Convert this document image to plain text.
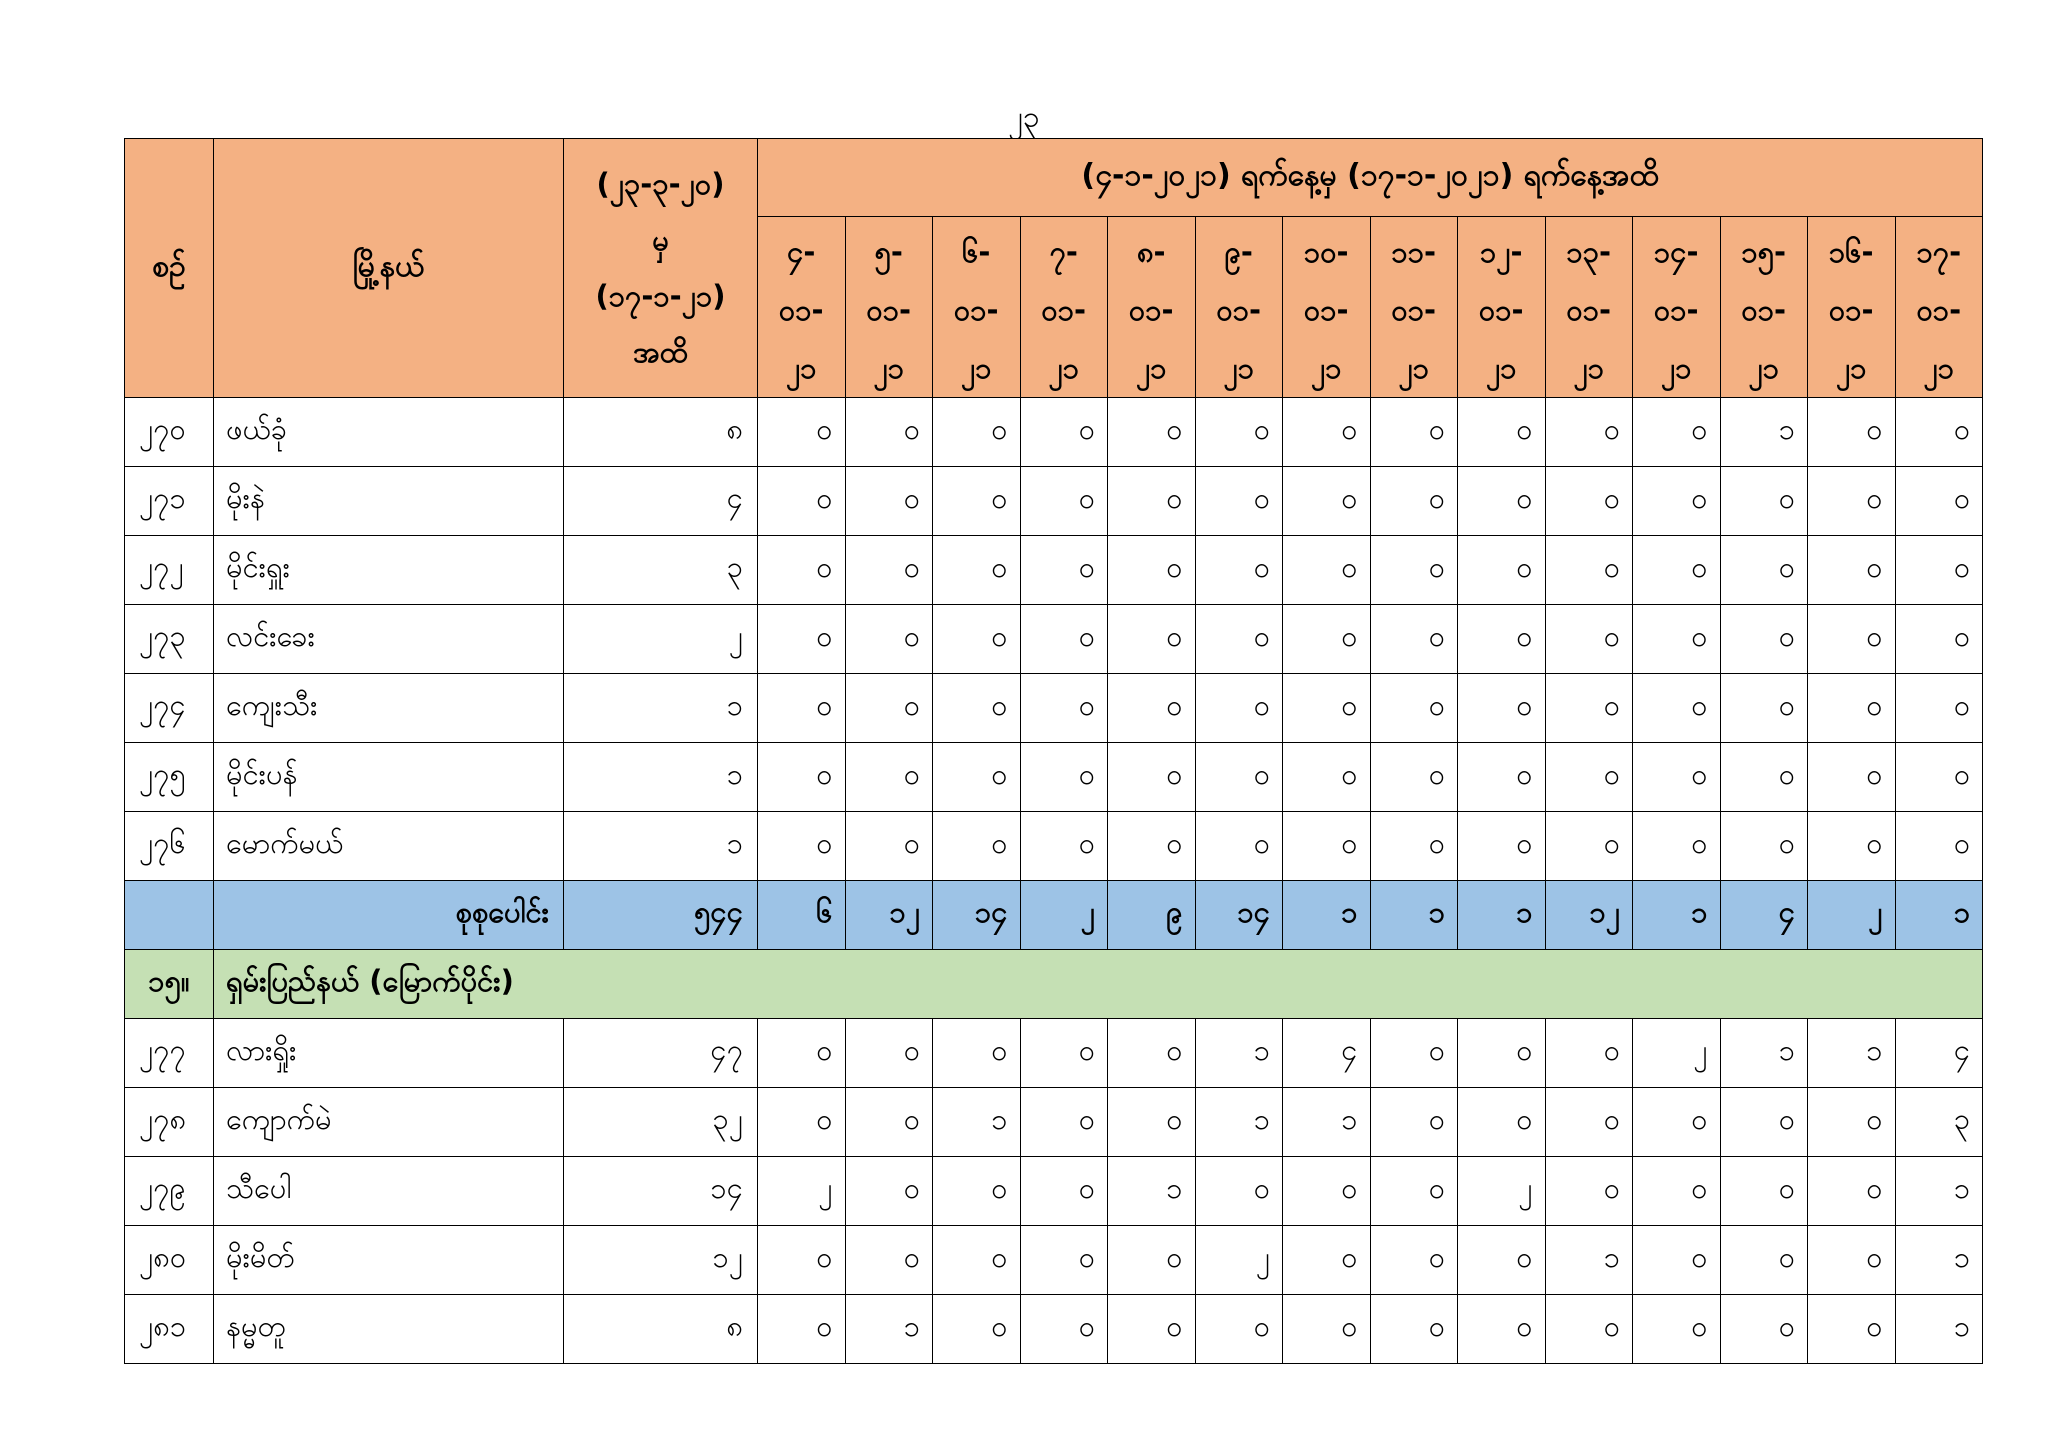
၂၃
စဉ်	မြို့နယ်	(၂၃-၃-၂၀)
မှ
(၁၇-၁-၂၁)
အထိ	(၄-၁-၂၀၂၁) ရက်နေ့မှ (၁၇-၁-၂၀၂၁) ရက်နေ့အထိ													

			၄-
၀၁-
၂၁	၅-
၀၁-
၂၁	၆-
၀၁-
၂၁	၇-
၀၁-
၂၁	၈-
၀၁-
၂၁	၉-
၀၁-
၂၁	၁၀-
၀၁-
၂၁	၁၁-
၀၁-
၂၁	၁၂-
၀၁-
၂၁	၁၃-
၀၁-
၂၁	၁၄-
၀၁-
၂၁	၁၅-
၀၁-
၂၁	၁၆-
၀၁-
၂၁	၁၇-
၀၁-
၂၁

၂၇၀	ဖယ်ခုံ	၈	၀	၀	၀	၀	၀	၀	၀	၀	၀	၀	၀	၁	၀	၀
၂၇၁	မိုးနဲ	၄	၀	၀	၀	၀	၀	၀	၀	၀	၀	၀	၀	၀	၀	၀
၂၇၂	မိုင်းရှူး	၃	၀	၀	၀	၀	၀	၀	၀	၀	၀	၀	၀	၀	၀	၀
၂၇၃	လင်းခေး	၂	၀	၀	၀	၀	၀	၀	၀	၀	၀	၀	၀	၀	၀	၀
၂၇၄	ကျေးသီး	၁	၀	၀	၀	၀	၀	၀	၀	၀	၀	၀	၀	၀	၀	၀
၂၇၅	မိုင်းပန်	၁	၀	၀	၀	၀	၀	၀	၀	၀	၀	၀	၀	၀	၀	၀
၂၇၆	မောက်မယ်	၁	၀	၀	၀	၀	၀	၀	၀	၀	၀	၀	၀	၀	၀	၀
	စုစုပေါင်း	၅၄၄	၆	၁၂	၁၄	၂	၉	၁၄	၁	၁	၁	၁၂	၁	၄	၂	၁
၁၅။	ရှမ်းပြည်နယ် (မြောက်ပိုင်း)															
၂၇၇	လားရှိုး	၄၇	၀	၀	၀	၀	၀	၁	၄	၀	၀	၀	၂	၁	၁	၄
၂၇၈	ကျောက်မဲ	၃၂	၀	၀	၁	၀	၀	၁	၁	၀	၀	၀	၀	၀	၀	၃
၂၇၉	သီပေါ	၁၄	၂	၀	၀	၀	၁	၀	၀	၀	၂	၀	၀	၀	၀	၁
၂၈၀	မိုးမိတ်	၁၂	၀	၀	၀	၀	၀	၂	၀	၀	၀	၁	၀	၀	၀	၁
၂၈၁	နမ္မတူ	၈	၀	၁	၀	၀	၀	၀	၀	၀	၀	၀	၀	၀	၀	၁
